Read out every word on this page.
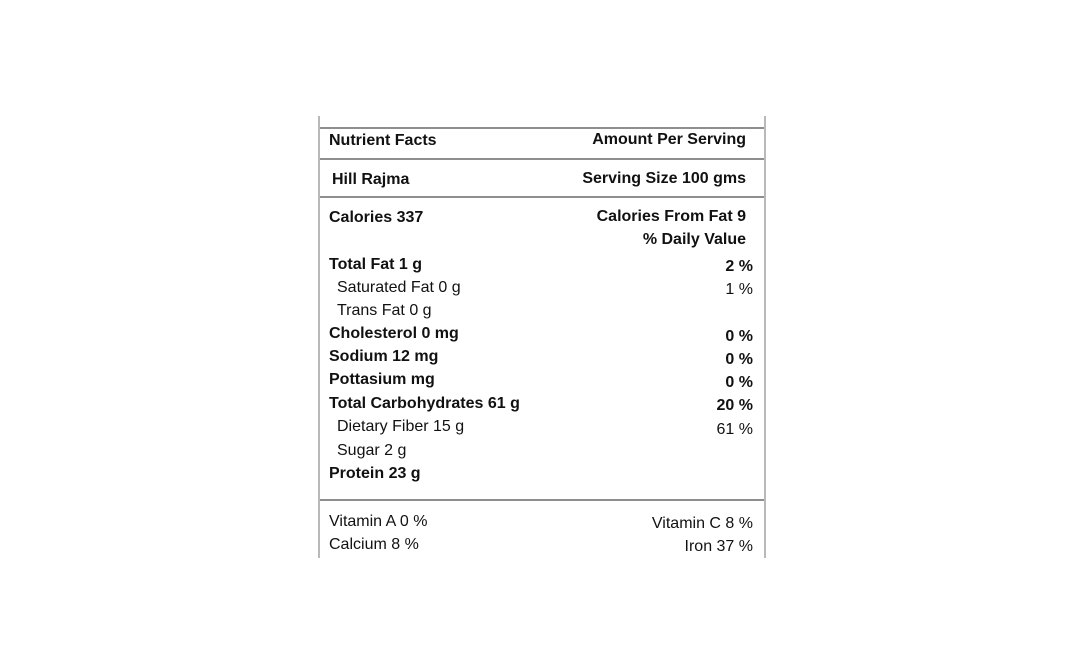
Nutrient Facts	Amount Per Serving
Hill Rajma	Serving Size 100 gms
Calories 337	Calories From Fat 9
% Daily Value
Total Fat 1 g	2 %
Saturated Fat 0 g	1 %
Trans Fat 0 g
Cholesterol 0 mg	0 %
Sodium 12 mg	0 %
Pottasium mg	0 %
Total Carbohydrates 61 g	20 %
Dietary Fiber 15 g	61 %
Sugar 2 g
Protein 23 g
Vitamin A 0 %	Vitamin C 8 %
Calcium 8 %	Iron 37 %
